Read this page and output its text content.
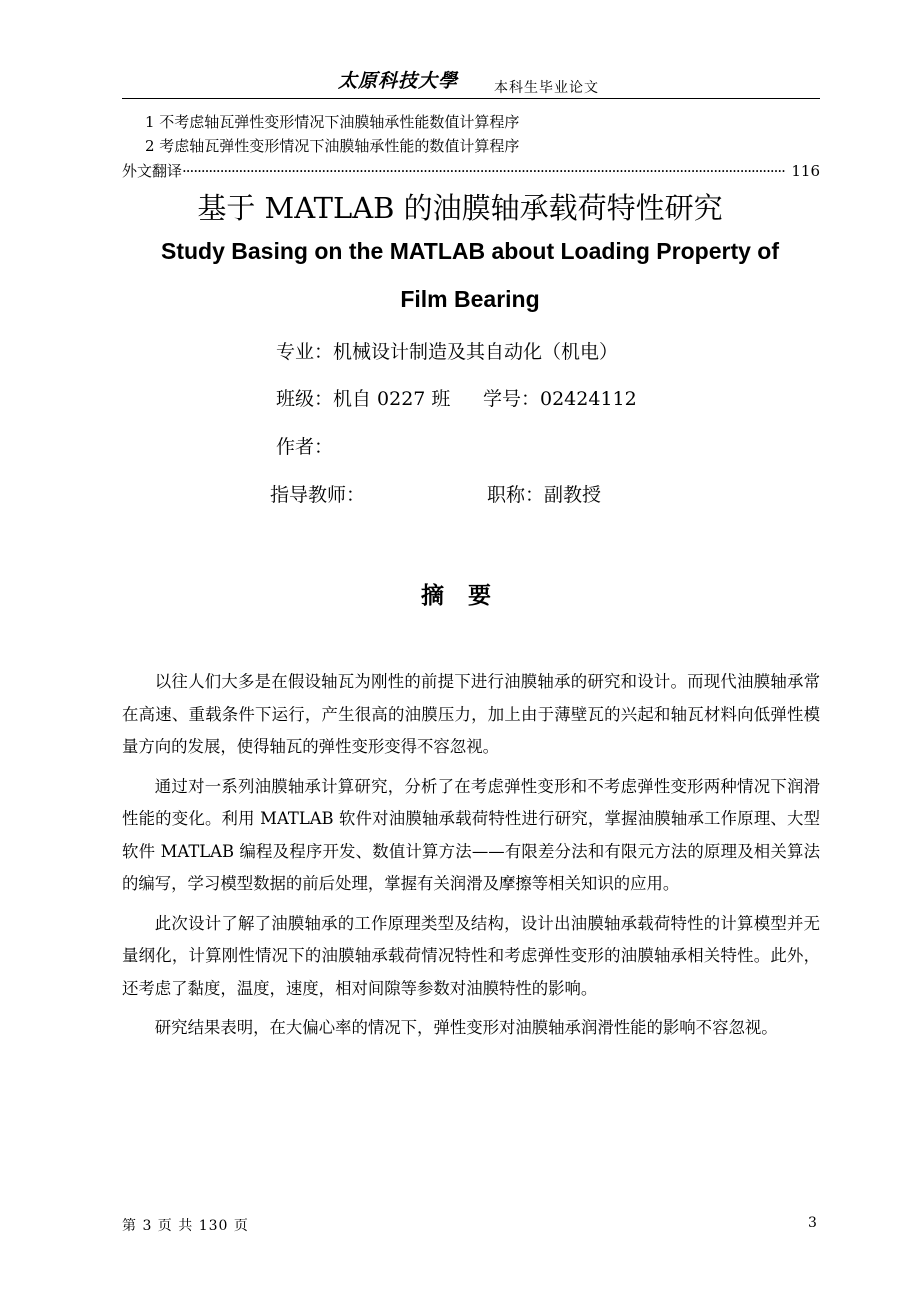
太原科技大學	本科生毕业论文
1 不考虑轴瓦弹性变形情况下油膜轴承性能数值计算程序
2 考虑轴瓦弹性变形情况下油膜轴承性能的数值计算程序
外文翻译 ································································································································································ 116
基于 MATLAB 的油膜轴承载荷特性研究
Study Basing on the MATLAB about Loading Property of
Film Bearing
专业：机械设计制造及其自动化（机电）
班级：机自 0227 班 学号：02424112
作者：
指导教师：	职称：副教授
摘 要

以往人们大多是在假设轴瓦为刚性的前提下进行油膜轴承的研究和设计。而现代油膜轴承常在高速、重载条件下运行，产生很高的油膜压力，加上由于薄壁瓦的兴起和轴瓦材料向低弹性模量方向的发展，使得轴瓦的弹性变形变得不容忽视。

通过对一系列油膜轴承计算研究，分析了在考虑弹性变形和不考虑弹性变形两种情况下润滑性能的变化。利用 MATLAB 软件对油膜轴承载荷特性进行研究，掌握油膜轴承工作原理、大型软件 MATLAB 编程及程序开发、数值计算方法——有限差分法和有限元方法的原理及相关算法的编写，学习模型数据的前后处理，掌握有关润滑及摩擦等相关知识的应用。

此次设计了解了油膜轴承的工作原理类型及结构，设计出油膜轴承载荷特性的计算模型并无量纲化，计算刚性情况下的油膜轴承载荷情况特性和考虑弹性变形的油膜轴承相关特性。此外，还考虑了黏度，温度，速度，相对间隙等参数对油膜特性的影响。

研究结果表明，在大偏心率的情况下，弹性变形对油膜轴承润滑性能的影响不容忽视。

第 3 页 共 130 页	3
